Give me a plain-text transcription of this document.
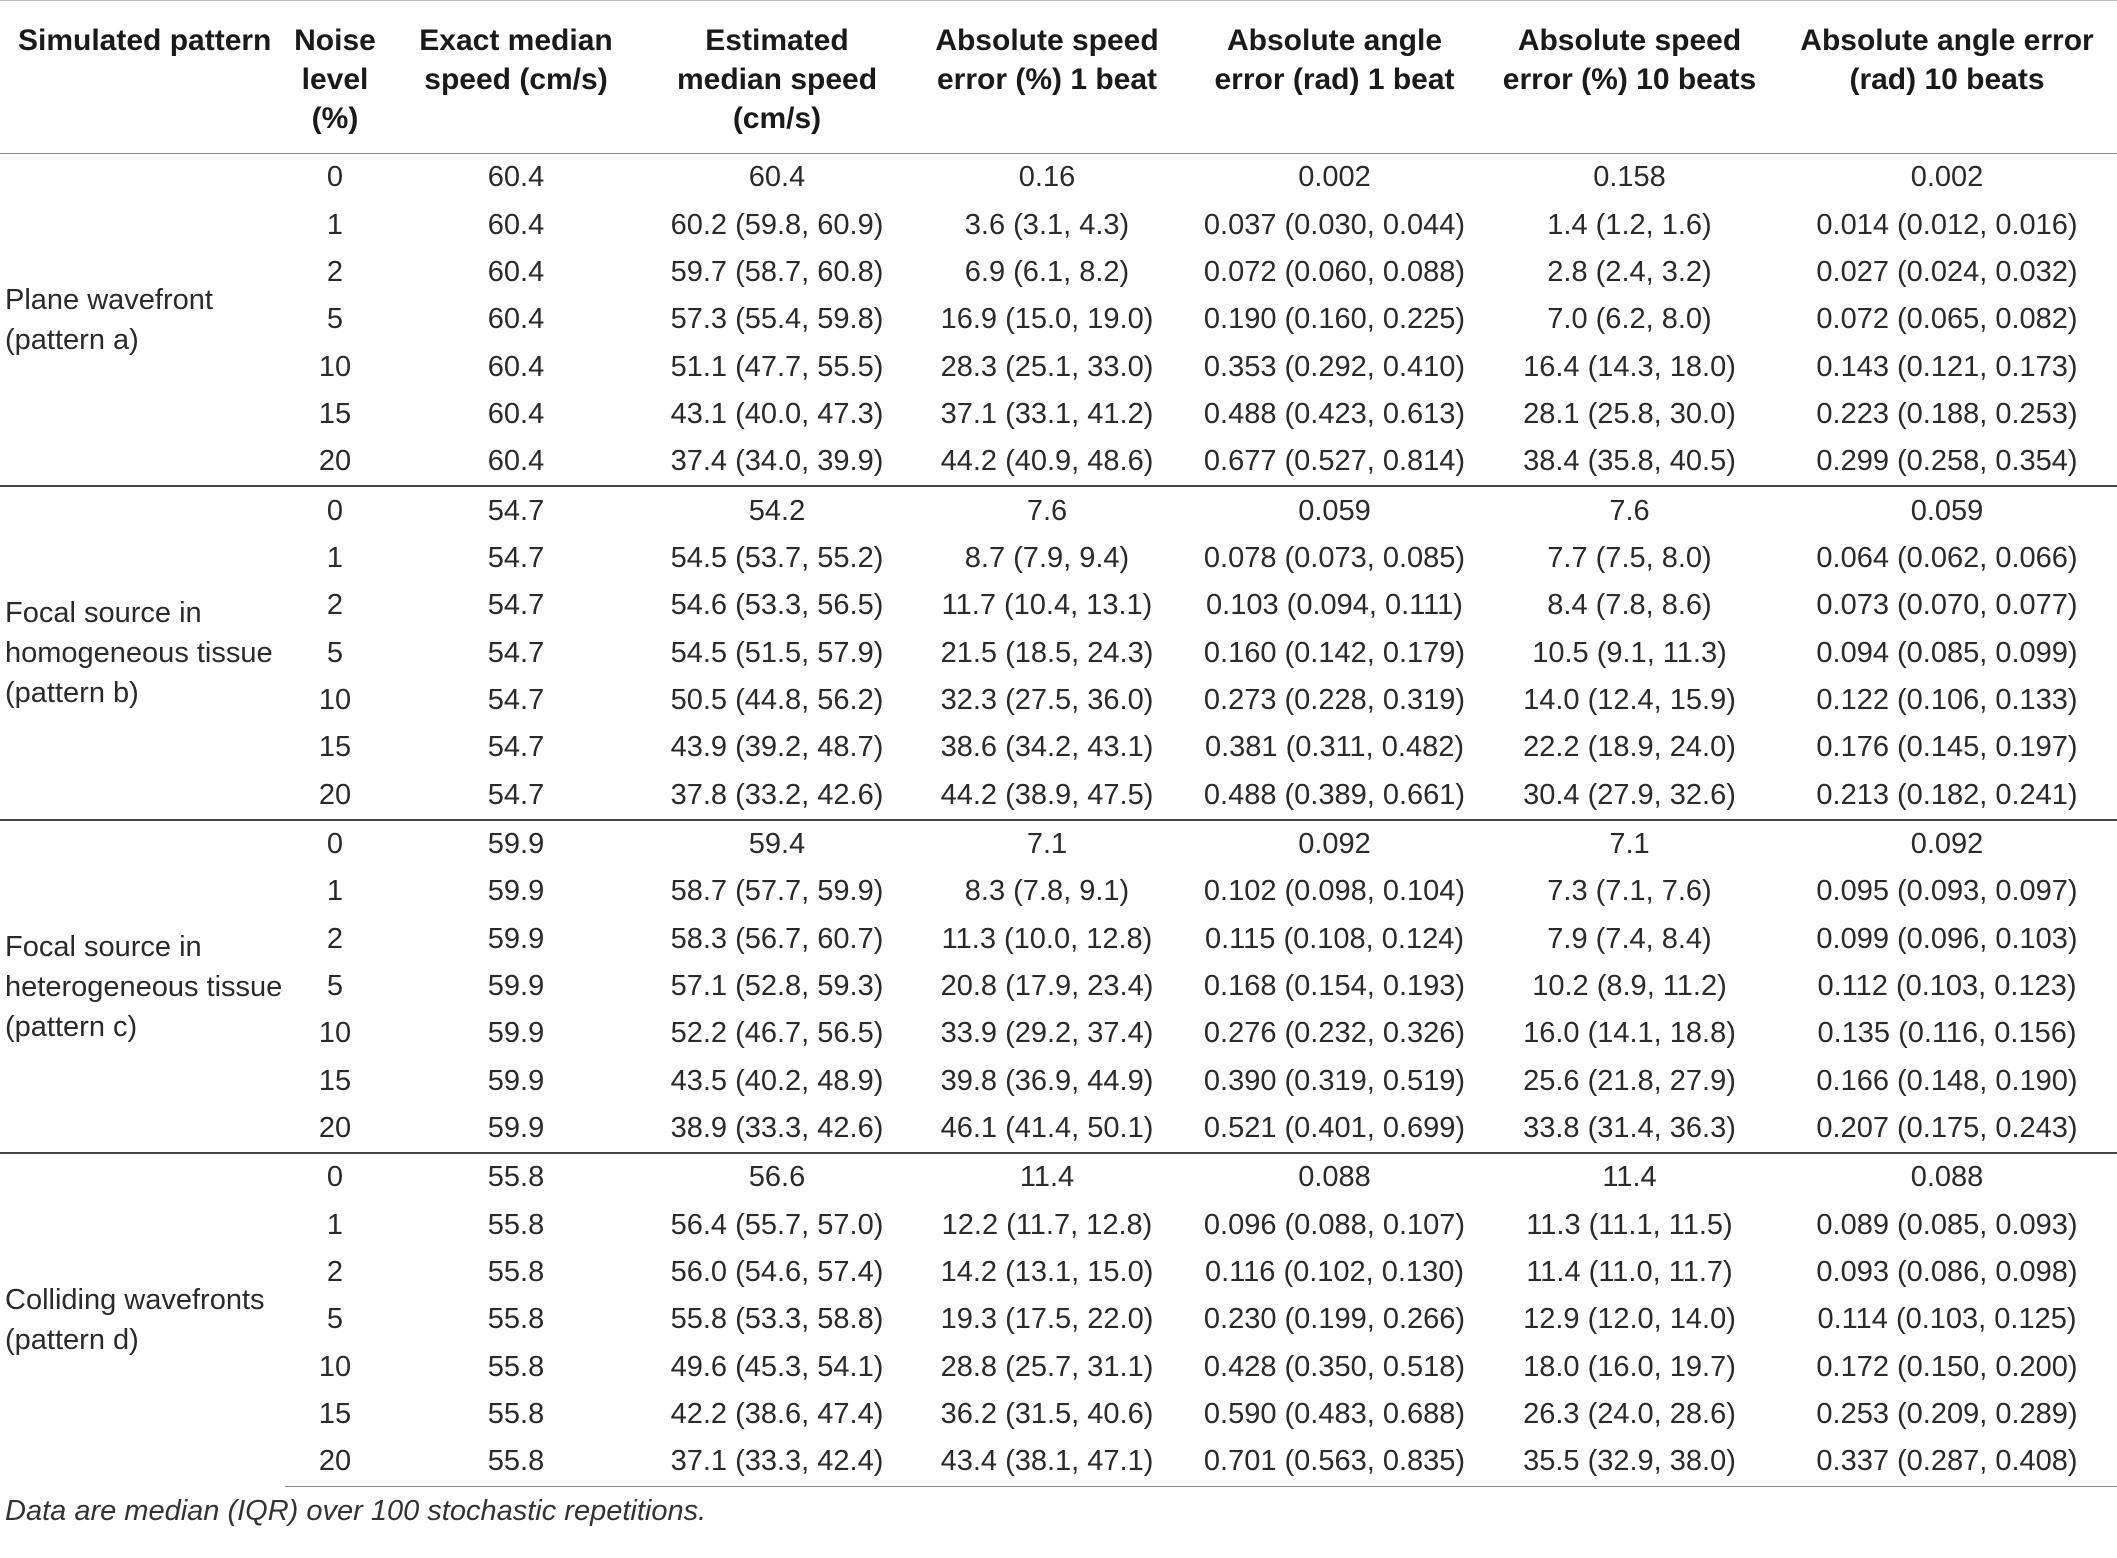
Simulated pattern	Noise level (%)	Exact median speed (cm/s)	Estimated median speed (cm/s)	Absolute speed error (%) 1 beat	Absolute angle error (rad) 1 beat	Absolute speed error (%) 10 beats	Absolute angle error (rad) 10 beats
Plane wavefront (pattern a)	0	60.4	60.4	0.16	0.002	0.158	0.002
	1	60.4	60.2 (59.8, 60.9)	3.6 (3.1, 4.3)	0.037 (0.030, 0.044)	1.4 (1.2, 1.6)	0.014 (0.012, 0.016)
	2	60.4	59.7 (58.7, 60.8)	6.9 (6.1, 8.2)	0.072 (0.060, 0.088)	2.8 (2.4, 3.2)	0.027 (0.024, 0.032)
	5	60.4	57.3 (55.4, 59.8)	16.9 (15.0, 19.0)	0.190 (0.160, 0.225)	7.0 (6.2, 8.0)	0.072 (0.065, 0.082)
	10	60.4	51.1 (47.7, 55.5)	28.3 (25.1, 33.0)	0.353 (0.292, 0.410)	16.4 (14.3, 18.0)	0.143 (0.121, 0.173)
	15	60.4	43.1 (40.0, 47.3)	37.1 (33.1, 41.2)	0.488 (0.423, 0.613)	28.1 (25.8, 30.0)	0.223 (0.188, 0.253)
	20	60.4	37.4 (34.0, 39.9)	44.2 (40.9, 48.6)	0.677 (0.527, 0.814)	38.4 (35.8, 40.5)	0.299 (0.258, 0.354)
Focal source in homogeneous tissue (pattern b)	0	54.7	54.2	7.6	0.059	7.6	0.059
	1	54.7	54.5 (53.7, 55.2)	8.7 (7.9, 9.4)	0.078 (0.073, 0.085)	7.7 (7.5, 8.0)	0.064 (0.062, 0.066)
	2	54.7	54.6 (53.3, 56.5)	11.7 (10.4, 13.1)	0.103 (0.094, 0.111)	8.4 (7.8, 8.6)	0.073 (0.070, 0.077)
	5	54.7	54.5 (51.5, 57.9)	21.5 (18.5, 24.3)	0.160 (0.142, 0.179)	10.5 (9.1, 11.3)	0.094 (0.085, 0.099)
	10	54.7	50.5 (44.8, 56.2)	32.3 (27.5, 36.0)	0.273 (0.228, 0.319)	14.0 (12.4, 15.9)	0.122 (0.106, 0.133)
	15	54.7	43.9 (39.2, 48.7)	38.6 (34.2, 43.1)	0.381 (0.311, 0.482)	22.2 (18.9, 24.0)	0.176 (0.145, 0.197)
	20	54.7	37.8 (33.2, 42.6)	44.2 (38.9, 47.5)	0.488 (0.389, 0.661)	30.4 (27.9, 32.6)	0.213 (0.182, 0.241)
Focal source in heterogeneous tissue (pattern c)	0	59.9	59.4	7.1	0.092	7.1	0.092
	1	59.9	58.7 (57.7, 59.9)	8.3 (7.8, 9.1)	0.102 (0.098, 0.104)	7.3 (7.1, 7.6)	0.095 (0.093, 0.097)
	2	59.9	58.3 (56.7, 60.7)	11.3 (10.0, 12.8)	0.115 (0.108, 0.124)	7.9 (7.4, 8.4)	0.099 (0.096, 0.103)
	5	59.9	57.1 (52.8, 59.3)	20.8 (17.9, 23.4)	0.168 (0.154, 0.193)	10.2 (8.9, 11.2)	0.112 (0.103, 0.123)
	10	59.9	52.2 (46.7, 56.5)	33.9 (29.2, 37.4)	0.276 (0.232, 0.326)	16.0 (14.1, 18.8)	0.135 (0.116, 0.156)
	15	59.9	43.5 (40.2, 48.9)	39.8 (36.9, 44.9)	0.390 (0.319, 0.519)	25.6 (21.8, 27.9)	0.166 (0.148, 0.190)
	20	59.9	38.9 (33.3, 42.6)	46.1 (41.4, 50.1)	0.521 (0.401, 0.699)	33.8 (31.4, 36.3)	0.207 (0.175, 0.243)
Colliding wavefronts (pattern d)	0	55.8	56.6	11.4	0.088	11.4	0.088
	1	55.8	56.4 (55.7, 57.0)	12.2 (11.7, 12.8)	0.096 (0.088, 0.107)	11.3 (11.1, 11.5)	0.089 (0.085, 0.093)
	2	55.8	56.0 (54.6, 57.4)	14.2 (13.1, 15.0)	0.116 (0.102, 0.130)	11.4 (11.0, 11.7)	0.093 (0.086, 0.098)
	5	55.8	55.8 (53.3, 58.8)	19.3 (17.5, 22.0)	0.230 (0.199, 0.266)	12.9 (12.0, 14.0)	0.114 (0.103, 0.125)
	10	55.8	49.6 (45.3, 54.1)	28.8 (25.7, 31.1)	0.428 (0.350, 0.518)	18.0 (16.0, 19.7)	0.172 (0.150, 0.200)
	15	55.8	42.2 (38.6, 47.4)	36.2 (31.5, 40.6)	0.590 (0.483, 0.688)	26.3 (24.0, 28.6)	0.253 (0.209, 0.289)
	20	55.8	37.1 (33.3, 42.4)	43.4 (38.1, 47.1)	0.701 (0.563, 0.835)	35.5 (32.9, 38.0)	0.337 (0.287, 0.408)
Data are median (IQR) over 100 stochastic repetitions.
